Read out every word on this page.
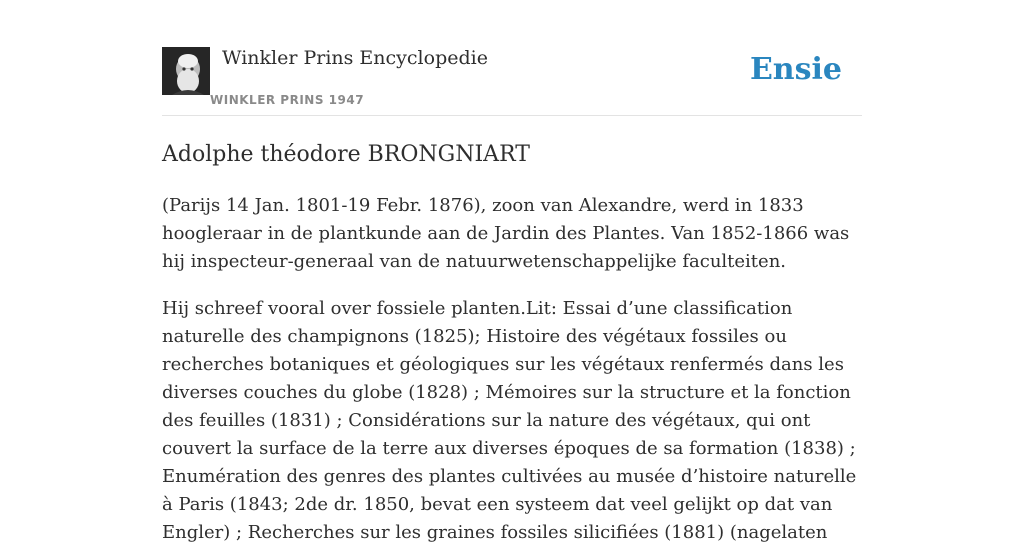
Winkler Prins Encyclopedie
WINKLER PRINS 1947
Ensie
Adolphe théodore BRONGNIART

(Parijs 14 Jan. 1801-19 Febr. 1876), zoon van Alexandre, werd in 1833 hoogleraar in de plantkunde aan de Jardin des Plantes. Van 1852-1866 was hij inspecteur-generaal van de natuurwetenschappelijke faculteiten.

Hij schreef vooral over fossiele planten.Lit: Essai d’une classification naturelle des champignons (1825); Histoire des végétaux fossiles ou recherches botaniques et géologiques sur les végétaux renfermés dans les diverses couches du globe (1828) ; Mémoires sur la structure et la fonction des feuilles (1831) ; Considérations sur la nature des végétaux, qui ont couvert la surface de la terre aux diverses époques de sa formation (1838) ; Enumération des genres des plantes cultivées au musée d’histoire naturelle à Paris (1843; 2de dr. 1850, bevat een systeem dat veel gelijkt op dat van Engler) ; Recherches sur les graines fossiles silicifiées (1881) (nagelaten
